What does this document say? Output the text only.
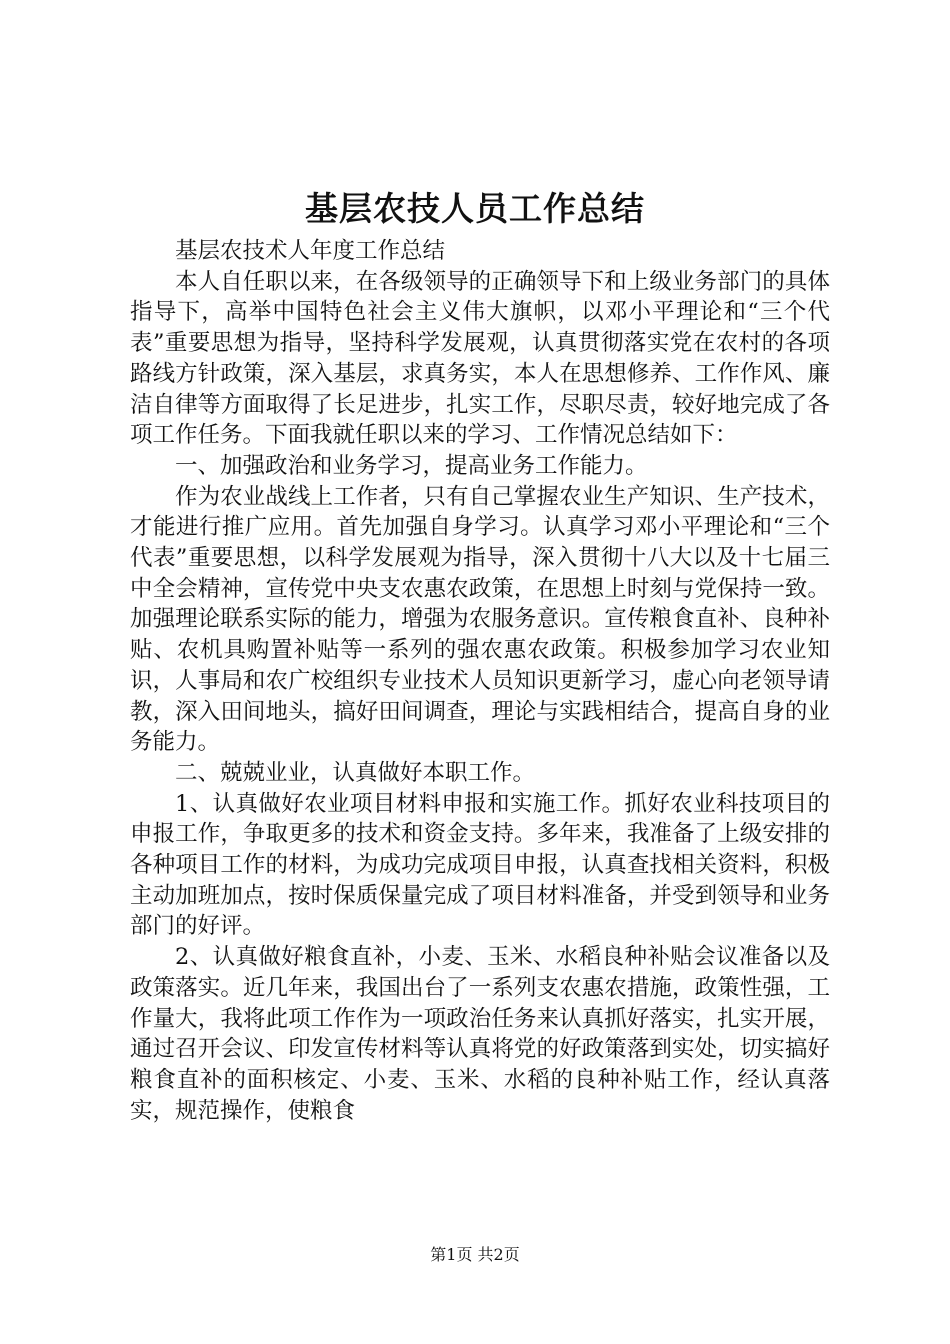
基层农技人员工作总结

基层农技术人年度工作总结

本人自任职以来，在各级领导的正确领导下和上级业务部门的具体指导下，高举中国特色社会主义伟大旗帜，以邓小平理论和“三个代表”重要思想为指导，坚持科学发展观，认真贯彻落实党在农村的各项路线方针政策，深入基层，求真务实，本人在思想修养、工作作风、廉洁自律等方面取得了长足进步，扎实工作，尽职尽责，较好地完成了各项工作任务。下面我就任职以来的学习、工作情况总结如下：

一、加强政治和业务学习，提高业务工作能力。

作为农业战线上工作者，只有自己掌握农业生产知识、生产技术，才能进行推广应用。首先加强自身学习。认真学习邓小平理论和“三个代表”重要思想，以科学发展观为指导，深入贯彻十八大以及十七届三中全会精神，宣传党中央支农惠农政策，在思想上时刻与党保持一致。加强理论联系实际的能力，增强为农服务意识。宣传粮食直补、良种补贴、农机具购置补贴等一系列的强农惠农政策。积极参加学习农业知识，人事局和农广校组织专业技术人员知识更新学习，虚心向老领导请教，深入田间地头，搞好田间调查，理论与实践相结合，提高自身的业务能力。

二、兢兢业业，认真做好本职工作。

1、认真做好农业项目材料申报和实施工作。抓好农业科技项目的申报工作，争取更多的技术和资金支持。多年来，我准备了上级安排的各种项目工作的材料，为成功完成项目申报，认真查找相关资料，积极主动加班加点，按时保质保量完成了项目材料准备，并受到领导和业务部门的好评。

2、认真做好粮食直补，小麦、玉米、水稻良种补贴会议准备以及政策落实。近几年来，我国出台了一系列支农惠农措施，政策性强，工作量大，我将此项工作作为一项政治任务来认真抓好落实，扎实开展，通过召开会议、印发宣传材料等认真将党的好政策落到实处，切实搞好粮食直补的面积核定、小麦、玉米、水稻的良种补贴工作，经认真落实，规范操作，使粮食

第1页 共2页
